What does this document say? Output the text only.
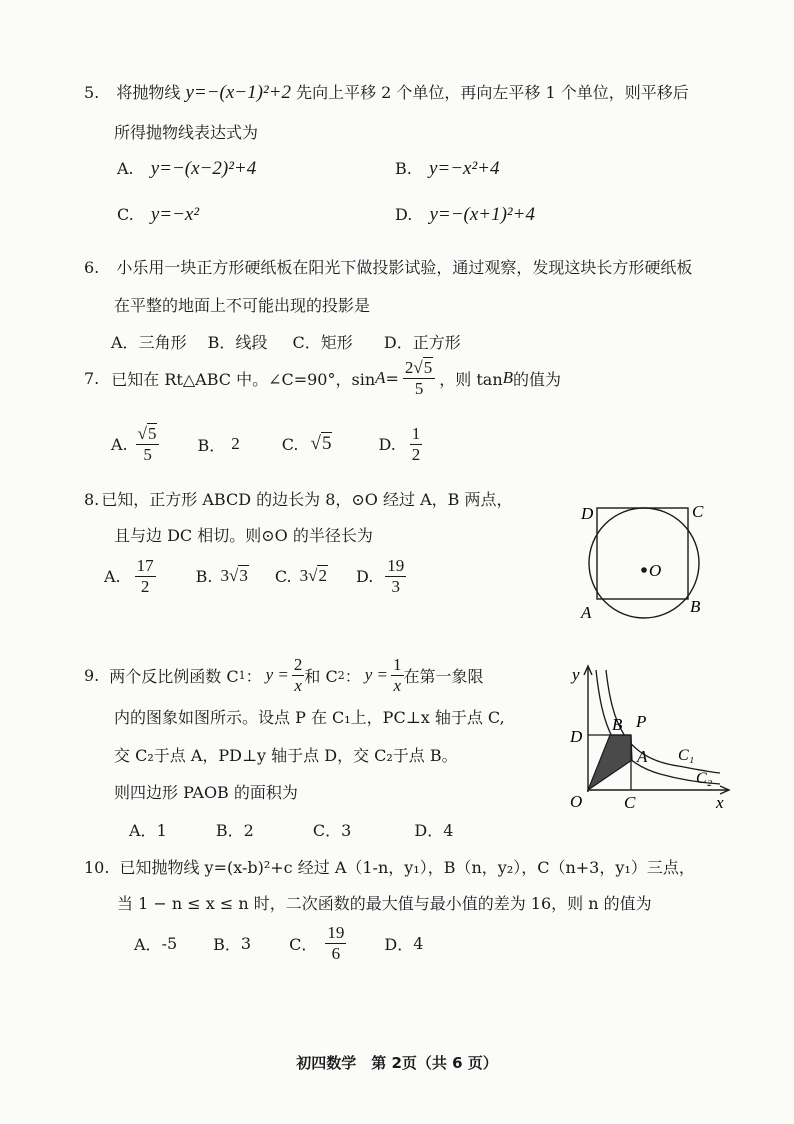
5. 将抛物线 y=−(x−1)²+2 先向上平移 2 个单位，再向左平移 1 个单位，则平移后
所得抛物线表达式为
A. y=−(x−2)²+4	B. y=−x²+4
C. y=−x²	D. y=−(x+1)²+4
6. 小乐用一块正方形硬纸板在阳光下做投影试验，通过观察，发现这块长方形硬纸板
在平整的地面上不可能出现的投影是
A．三角形 B．线段 C．矩形 D．正方形
7. 已知在 Rt△ABC 中。∠C=90°，$\sin A = \frac{2√5}{5}$ ，则 tan B 的值为
A. $\frac{√5}{5}$ B． 2	C. √5	D. $\frac{1}{2}$
8. 已知，正方形 ABCD 的边长为 8，⊙O 经过 A，B 两点，
且与边 DC 相切。则⊙O 的半径长为
A. $\frac{17}{2}$	B. 3√3 C. 3√2 D. $\frac{19}{3}$
D	C
A	B
O
9. 两个反比例函数 C 1 ： $y = \frac{2}{x}$ 和 C 2 ： $y = \frac{1}{x}$ 在第一象限
内的图象如图所示。设点 P 在 C₁上，PC⊥x 轴于点 C,
交 C₂于点 A，PD⊥y 轴于点 D，交 C₂于点 B。
则四边形 PAOB 的面积为
A．1	B．2	C．3	D．4
y
x
O
D
B P
A
C
C₁
C₂
10. 已知抛物线 y=(x-b)²+c 经过 A（1-n，y₁），B（n，y₂），C（n+3，y₁）三点，
当 1 − n ≤ x ≤ n 时，二次函数的最大值与最小值的差为 16，则 n 的值为
A． -5 B． 3 C． $\frac{19}{6}$ D． 4
初四数学　第 2页（共 6 页）
